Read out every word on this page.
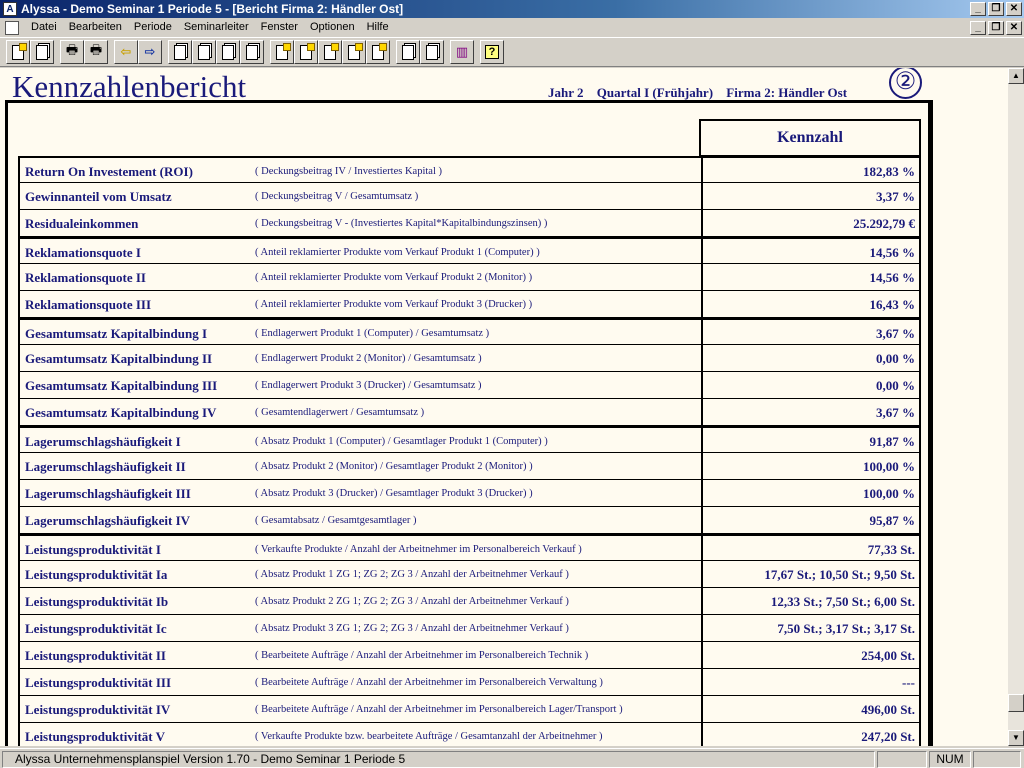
A Alyssa - Demo Seminar 1 Periode 5 - [Bericht Firma 2: Händler Ost]	_	❐ ✕
Datei	Bearbeiten	Periode	Seminarleiter	Fenster	Optionen	Hilfe	_	❐ ✕
🖶 🖶	⇦ ⇨	▥	?
Kennzahlenbericht	Jahr 2 Quartal I (Frühjahr) Firma 2: Händler Ost	②
Kennzahl
Return On Investement (ROI)	( Deckungsbeitrag IV / Investiertes Kapital )	182,83 %
Gewinnanteil vom Umsatz	( Deckungsbeitrag V / Gesamtumsatz )	3,37 %
Residualeinkommen	( Deckungsbeitrag V - (Investiertes Kapital*Kapitalbindungszinsen) )	25.292,79 €
Reklamationsquote I	( Anteil reklamierter Produkte vom Verkauf Produkt 1 (Computer) )	14,56 %
Reklamationsquote II	( Anteil reklamierter Produkte vom Verkauf Produkt 2 (Monitor) )	14,56 %
Reklamationsquote III	( Anteil reklamierter Produkte vom Verkauf Produkt 3 (Drucker) )	16,43 %
Gesamtumsatz Kapitalbindung I	( Endlagerwert Produkt 1 (Computer) / Gesamtumsatz )	3,67 %
Gesamtumsatz Kapitalbindung II	( Endlagerwert Produkt 2 (Monitor) / Gesamtumsatz )	0,00 %
Gesamtumsatz Kapitalbindung III	( Endlagerwert Produkt 3 (Drucker) / Gesamtumsatz )	0,00 %
Gesamtumsatz Kapitalbindung IV	( Gesamtendlagerwert / Gesamtumsatz )	3,67 %
Lagerumschlagshäufigkeit I	( Absatz Produkt 1 (Computer) / Gesamtlager Produkt 1 (Computer) )	91,87 %
Lagerumschlagshäufigkeit II	( Absatz Produkt 2 (Monitor) / Gesamtlager Produkt 2 (Monitor) )	100,00 %
Lagerumschlagshäufigkeit III	( Absatz Produkt 3 (Drucker) / Gesamtlager Produkt 3 (Drucker) )	100,00 %
Lagerumschlagshäufigkeit IV	( Gesamtabsatz / Gesamtgesamtlager )	95,87 %
Leistungsproduktivität I	( Verkaufte Produkte / Anzahl der Arbeitnehmer im Personalbereich Verkauf )	77,33 St.
Leistungsproduktivität Ia	( Absatz Produkt 1 ZG 1; ZG 2; ZG 3 / Anzahl der Arbeitnehmer Verkauf )	17,67 St.; 10,50 St.; 9,50 St.
Leistungsproduktivität Ib	( Absatz Produkt 2 ZG 1; ZG 2; ZG 3 / Anzahl der Arbeitnehmer Verkauf )	12,33 St.; 7,50 St.; 6,00 St.
Leistungsproduktivität Ic	( Absatz Produkt 3 ZG 1; ZG 2; ZG 3 / Anzahl der Arbeitnehmer Verkauf )	7,50 St.; 3,17 St.; 3,17 St.
Leistungsproduktivität II	( Bearbeitete Aufträge / Anzahl der Arbeitnehmer im Personalbereich Technik )	254,00 St.
Leistungsproduktivität III	( Bearbeitete Aufträge / Anzahl der Arbeitnehmer im Personalbereich Verwaltung )	---
Leistungsproduktivität IV	( Bearbeitete Aufträge / Anzahl der Arbeitnehmer im Personalbereich Lager/Transport )	496,00 St.
Leistungsproduktivität V	( Verkaufte Produkte bzw. bearbeitete Aufträge / Gesamtanzahl der Arbeitnehmer )	247,20 St.
▲
▼
Alyssa Unternehmensplanspiel Version 1.70 - Demo Seminar 1 Periode 5	NUM
